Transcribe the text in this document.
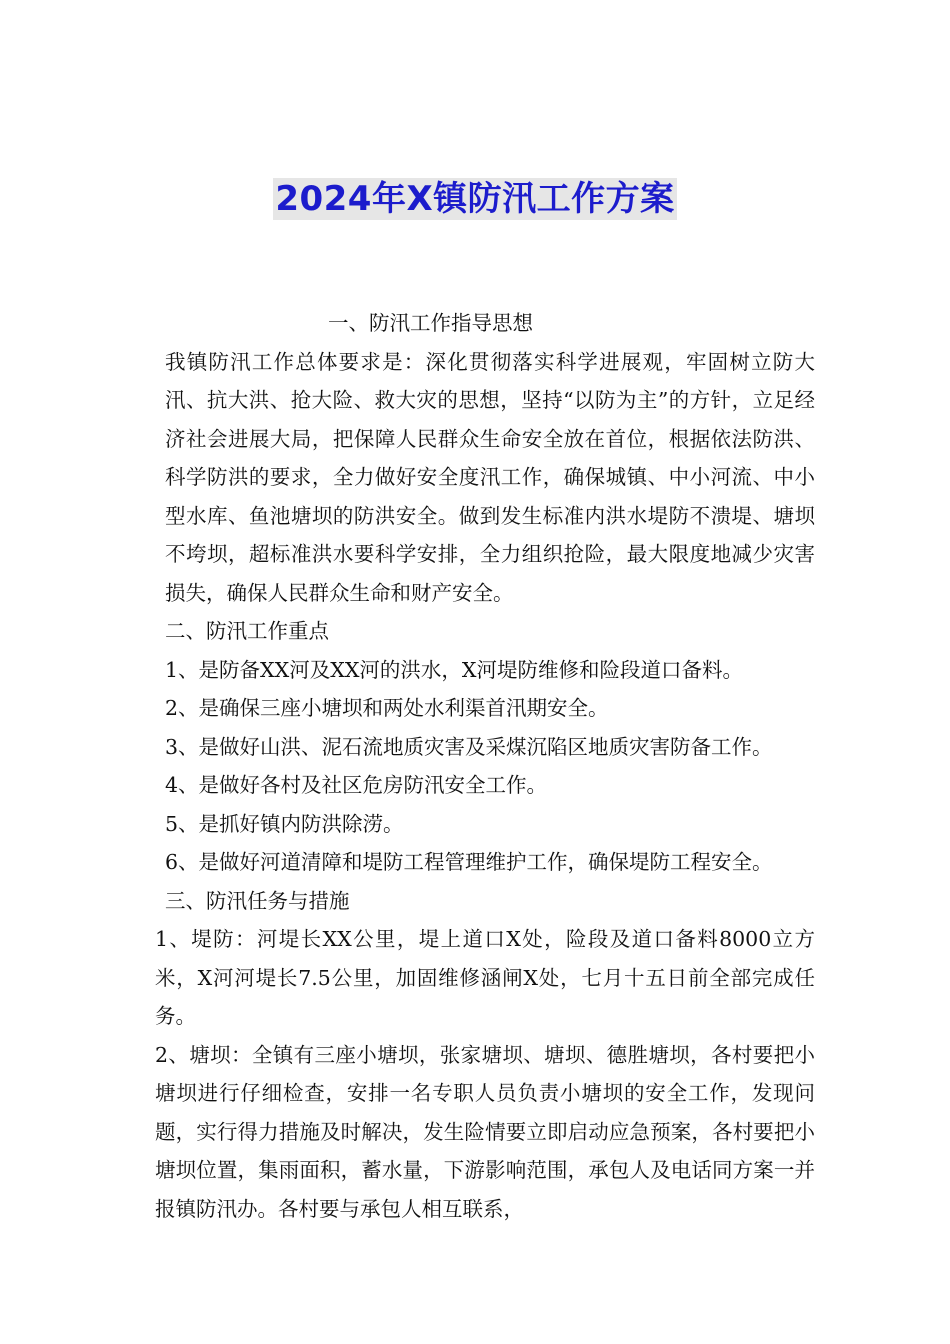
2024年X镇防汛工作方案

一、防汛工作指导思想

我镇防汛工作总体要求是：深化贯彻落实科学进展观，牢固树立防大汛、抗大洪、抢大险、救大灾的思想，坚持“以防为主”的方针，立足经济社会进展大局，把保障人民群众生命安全放在首位，根据依法防洪、科学防洪的要求，全力做好安全度汛工作，确保城镇、中小河流、中小型水库、鱼池塘坝的防洪安全。做到发生标准内洪水堤防不溃堤、塘坝不垮坝，超标准洪水要科学安排，全力组织抢险，最大限度地减少灾害损失，确保人民群众生命和财产安全。

二、防汛工作重点

1、是防备XX河及XX河的洪水，X河堤防维修和险段道口备料。

2、是确保三座小塘坝和两处水利渠首汛期安全。

3、是做好山洪、泥石流地质灾害及采煤沉陷区地质灾害防备工作。

4、是做好各村及社区危房防汛安全工作。

5、是抓好镇内防洪除涝。

6、是做好河道清障和堤防工程管理维护工作，确保堤防工程安全。

三、防汛任务与措施

1、堤防：河堤长XX公里，堤上道口X处，险段及道口备料8000立方米，X河河堤长7.5公里，加固维修涵闸X处，七月十五日前全部完成任务。

2、塘坝：全镇有三座小塘坝，张家塘坝、塘坝、德胜塘坝，各村要把小塘坝进行仔细检查，安排一名专职人员负责小塘坝的安全工作，发现问题，实行得力措施及时解决，发生险情要立即启动应急预案，各村要把小塘坝位置，集雨面积，蓄水量，下游影响范围，承包人及电话同方案一并报镇防汛办。各村要与承包人相互联系，
